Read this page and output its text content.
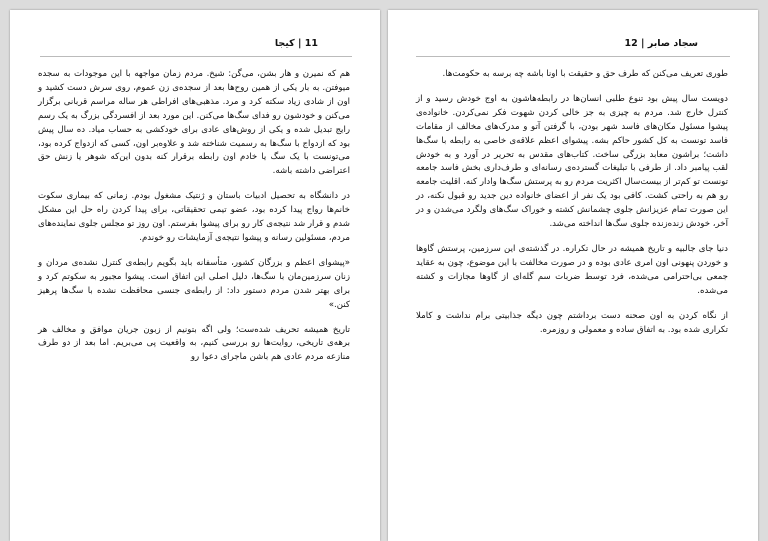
11 | کیجا

هم که نمیرن و هار بشن، می‌گن: شیخ. مردم زمان مواجهه با این موجودات به سجده میوفتن. به بار یکی از همین روح‌ها بعد از سجده‌ی زن عموم، روی سرش دست کشید و اون از شادی زیاد سکته کرد و مرد. مذهبی‌های افراطی هر ساله مراسم قربانی برگزار می‌کنن و خودشون رو فدای سگ‌ها می‌کنن. این مورد بعد از افسردگی بزرگ به یک رسم رایج تبدیل شده و یکی از روش‌های عادی برای خودکشی به حساب میاد. ده سال پیش بود که ازدواج با سگ‌ها به رسمیت شناخته شد و علاوه‌بر اون، کسی که ازدواج کرده بود، می‌تونست با یک سگ یا خادم اون رابطه برقرار کنه بدون این‌که شوهر یا زنش حق اعتراضی داشته باشه.

در دانشگاه به تحصیل ادبیات باستان و ژنتیک مشغول بودم. زمانی که بیماری سکوت خانم‌ها رواج پیدا کرده بود، عضو تیمی تحقیقاتی، برای پیدا کردن راه حل این مشکل شدم و قرار شد نتیجه‌ی کار رو برای پیشوا بفرستم. اون روز تو مجلس جلوی نماینده‌های مردم، مسئولین رسانه و پیشوا نتیجه‌ی آزمایشات رو خوندم.

«پیشوای اعظم و بزرگان کشور، متأسفانه باید بگویم رابطه‌ی کنترل نشده‌ی مردان و زنان سرزمین‌مان با سگ‌ها، دلیل اصلی این اتفاق است. پیشوا مجبور به سکوتم کرد و برای بهتر شدن مردم دستور داد: از رابطه‌ی جنسی محافظت نشده با سگ‌ها پرهیز کنن.»

تاریخ همیشه تحریف شده‌ست؛ ولی اگه بتونیم از زبون جریان موافق و مخالف هر برهه‌ی تاریخی، روایت‌ها رو بررسی کنیم، به واقعیت پی می‌بریم. اما بعد از دو طرف منازعه مردم عادی هم باشن ماجرای دعوا رو

سجاد صابر | 12

طوری تعریف می‌کنن که طرف حق و حقیقت با اونا باشه چه برسه به حکومت‌ها.

دویست سال پیش بود تنوع طلبی انسان‌ها در رابطه‌هاشون به اوج خودش رسید و از کنترل خارج شد. مردم به چیزی به جز خالی کردن شهوت فکر نمی‌کردن. خانواده‌ی پیشوا مسئول مکان‌های فاسد شهر بودن، با گرفتن آتو و مدرک‌های مخالف از مقامات فاسد تونست به کل کشور حاکم بشه. پیشوای اعظم علاقه‌ی خاصی به رابطه با سگ‌ها داشت؛ براشون معابد بزرگی ساخت. کتاب‌های مقدس به تحریر در آورد و به خودش لقب پیامبر داد. از طرفی با تبلیغات گسترده‌ی رسانه‌ای و طرف‌داری بخش فاسد جامعه تونست تو کم‌تر از بیست‌سال اکثریت مردم رو به پرستش سگ‌ها وادار کنه. اقلیت جامعه رو هم به راحتی کشت. کافی بود یک نفر از اعضای خانواده دین جدید رو قبول نکنه، در این صورت تمام عزیزانش جلوی چشمانش کشته و خوراک سگ‌های ولگرد می‌شدن و در آخر، خودش زنده‌زنده جلوی سگ‌ها انداخته می‌شد.

دنیا جای جالبیه و تاریخ همیشه در حال تکراره. در گذشته‌ی این سرزمین، پرستش گاوها و خوردن پنهونی اون امری عادی بوده و در صورت مخالفت با این موضوع، چون به عقاید جمعی بی‌احترامی می‌شده، فرد توسط ضربات سم گله‌ای از گاوها مجازات و کشته می‌شده.

از نگاه کردن به اون صحنه دست برداشتم چون دیگه جذابیتی برام نداشت و کاملا تکراری شده بود. به اتفاق ساده و معمولی و روزمره.
